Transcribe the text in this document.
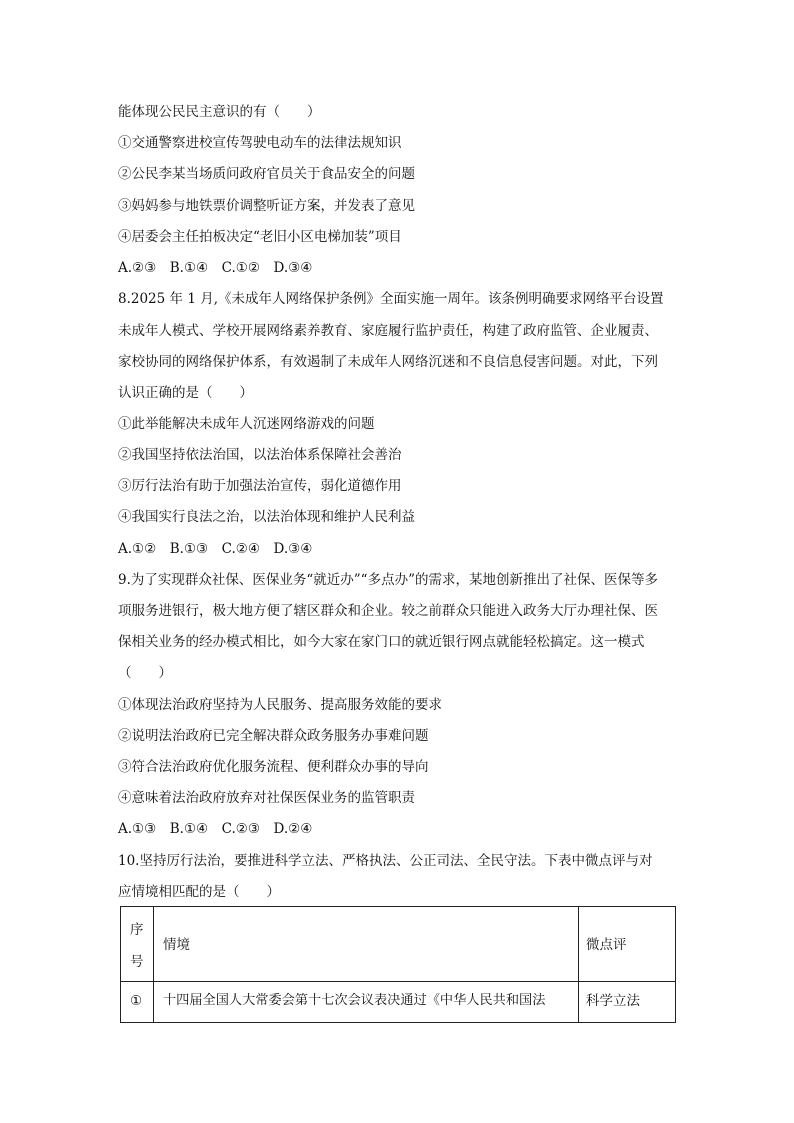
能体现公民民主意识的有（　　）
①交通警察进校宣传驾驶电动车的法律法规知识
②公民李某当场质问政府官员关于食品安全的问题
③妈妈参与地铁票价调整听证方案，并发表了意见
④居委会主任拍板决定“老旧小区电梯加装”项目
A.②③　B.①④　C.①②　D.③④
8.2025 年 1 月,《未成年人网络保护条例》全面实施一周年。该条例明确要求网络平台设置
未成年人模式、学校开展网络素养教育、家庭履行监护责任，构建了政府监管、企业履责、
家校协同的网络保护体系，有效遏制了未成年人网络沉迷和不良信息侵害问题。对此，下列
认识正确的是（　　）
①此举能解决未成年人沉迷网络游戏的问题
②我国坚持依法治国，以法治体系保障社会善治
③厉行法治有助于加强法治宣传，弱化道德作用
④我国实行良法之治，以法治体现和维护人民利益
A.①②　B.①③　C.②④　D.③④
9.为了实现群众社保、医保业务“就近办”“多点办”的需求，某地创新推出了社保、医保等多
项服务进银行，极大地方便了辖区群众和企业。较之前群众只能进入政务大厅办理社保、医
保相关业务的经办模式相比，如今大家在家门口的就近银行网点就能轻松搞定。这一模式
（　　）
①体现法治政府坚持为人民服务、提高服务效能的要求
②说明法治政府已完全解决群众政务服务办事难问题
③符合法治政府优化服务流程、便利群众办事的导向
④意味着法治政府放弃对社保医保业务的监管职责
A.①③　B.①④　C.②③　D.②④
10.坚持厉行法治，要推进科学立法、严格执法、公正司法、全民守法。下表中微点评与对
应情境相匹配的是（　　）
序
号
情境	微点评
① 十四届全国人大常委会第十七次会议表决通过《中华人民共和国法	科学立法
